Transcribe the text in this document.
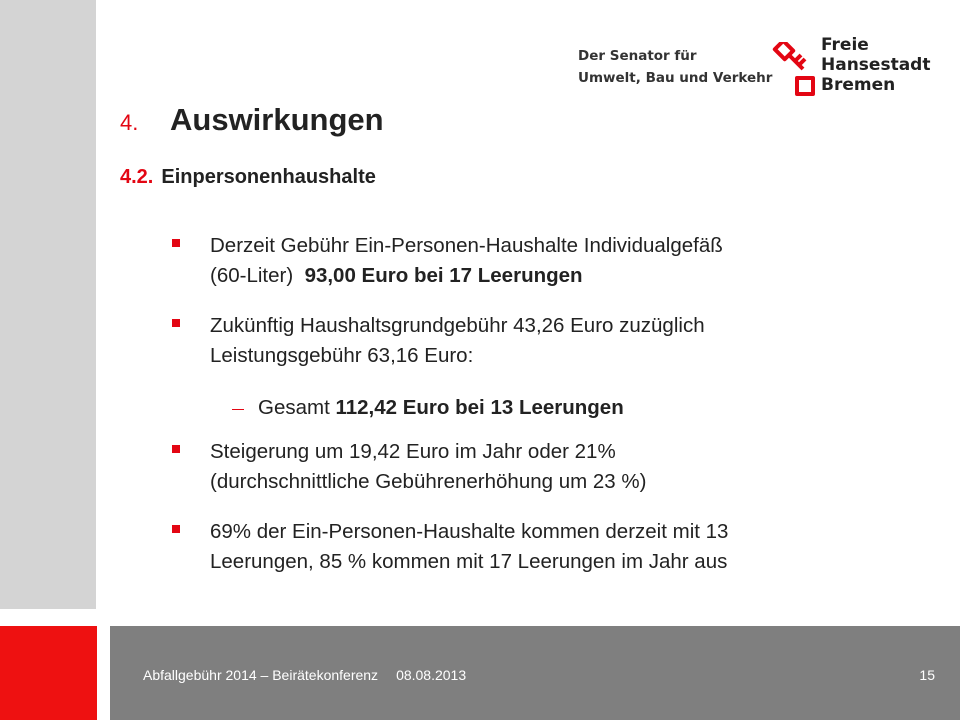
Der Senator für
Umwelt, Bau und Verkehr
Freie
Hansestadt
Bremen
4. Auswirkungen
4.2. Einpersonenhaushalte
Derzeit Gebühr Ein-Personen-Haushalte Individualgefäß
(60-Liter)  93,00 Euro bei 17 Leerungen
Zukünftig Haushaltsgrundgebühr 43,26 Euro zuzüglich
Leistungsgebühr 63,16 Euro:
Gesamt 112,42 Euro bei 13 Leerungen
Steigerung um 19,42 Euro im Jahr oder 21%
(durchschnittliche Gebührenerhöhung um 23 %)
69% der Ein-Personen-Haushalte kommen derzeit mit 13
Leerungen, 85 % kommen mit 17 Leerungen im Jahr aus
Abfallgebühr 2014 – Beirätekonferenz 08.08.2013	15
